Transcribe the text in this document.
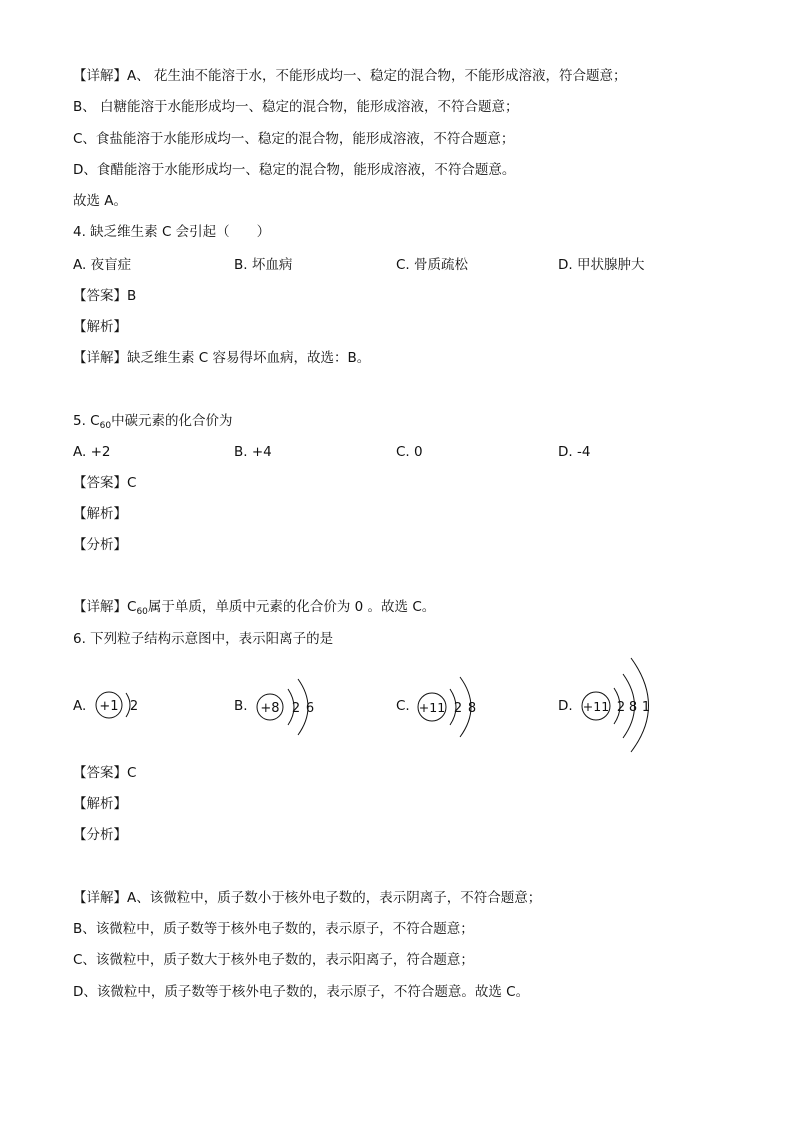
【详解】A、 花生油不能溶于水，不能形成均一、稳定的混合物，不能形成溶液，符合题意；
B、 白糖能溶于水能形成均一、稳定的混合物，能形成溶液，不符合题意；
C、食盐能溶于水能形成均一、稳定的混合物，能形成溶液，不符合题意；
D、食醋能溶于水能形成均一、稳定的混合物，能形成溶液，不符合题意。
故选 A。
4. 缺乏维生素 C 会引起（　　）
A. 夜盲症	B. 坏血病	C. 骨质疏松	D. 甲状腺肿大
【答案】B
【解析】
【详解】缺乏维生素 C 容易得坏血病，故选：B。
5. $C_{60}$中碳元素的化合价为
A. +2	B. +4	C. 0	D. -4
【答案】C
【解析】
【分析】
【详解】$C_{60}$属于单质，单质中元素的化合价为 0 。故选 C。
6. 下列粒子结构示意图中，表示阳离子的是
A. +1 2	B. +8 2 6	C. +11 2 8	D. +11 2 8 1
【答案】C
【解析】
【分析】
【详解】A、该微粒中，质子数小于核外电子数的，表示阴离子，不符合题意；
B、该微粒中，质子数等于核外电子数的，表示原子，不符合题意；
C、该微粒中，质子数大于核外电子数的，表示阳离子，符合题意；
D、该微粒中，质子数等于核外电子数的，表示原子，不符合题意。故选 C。
